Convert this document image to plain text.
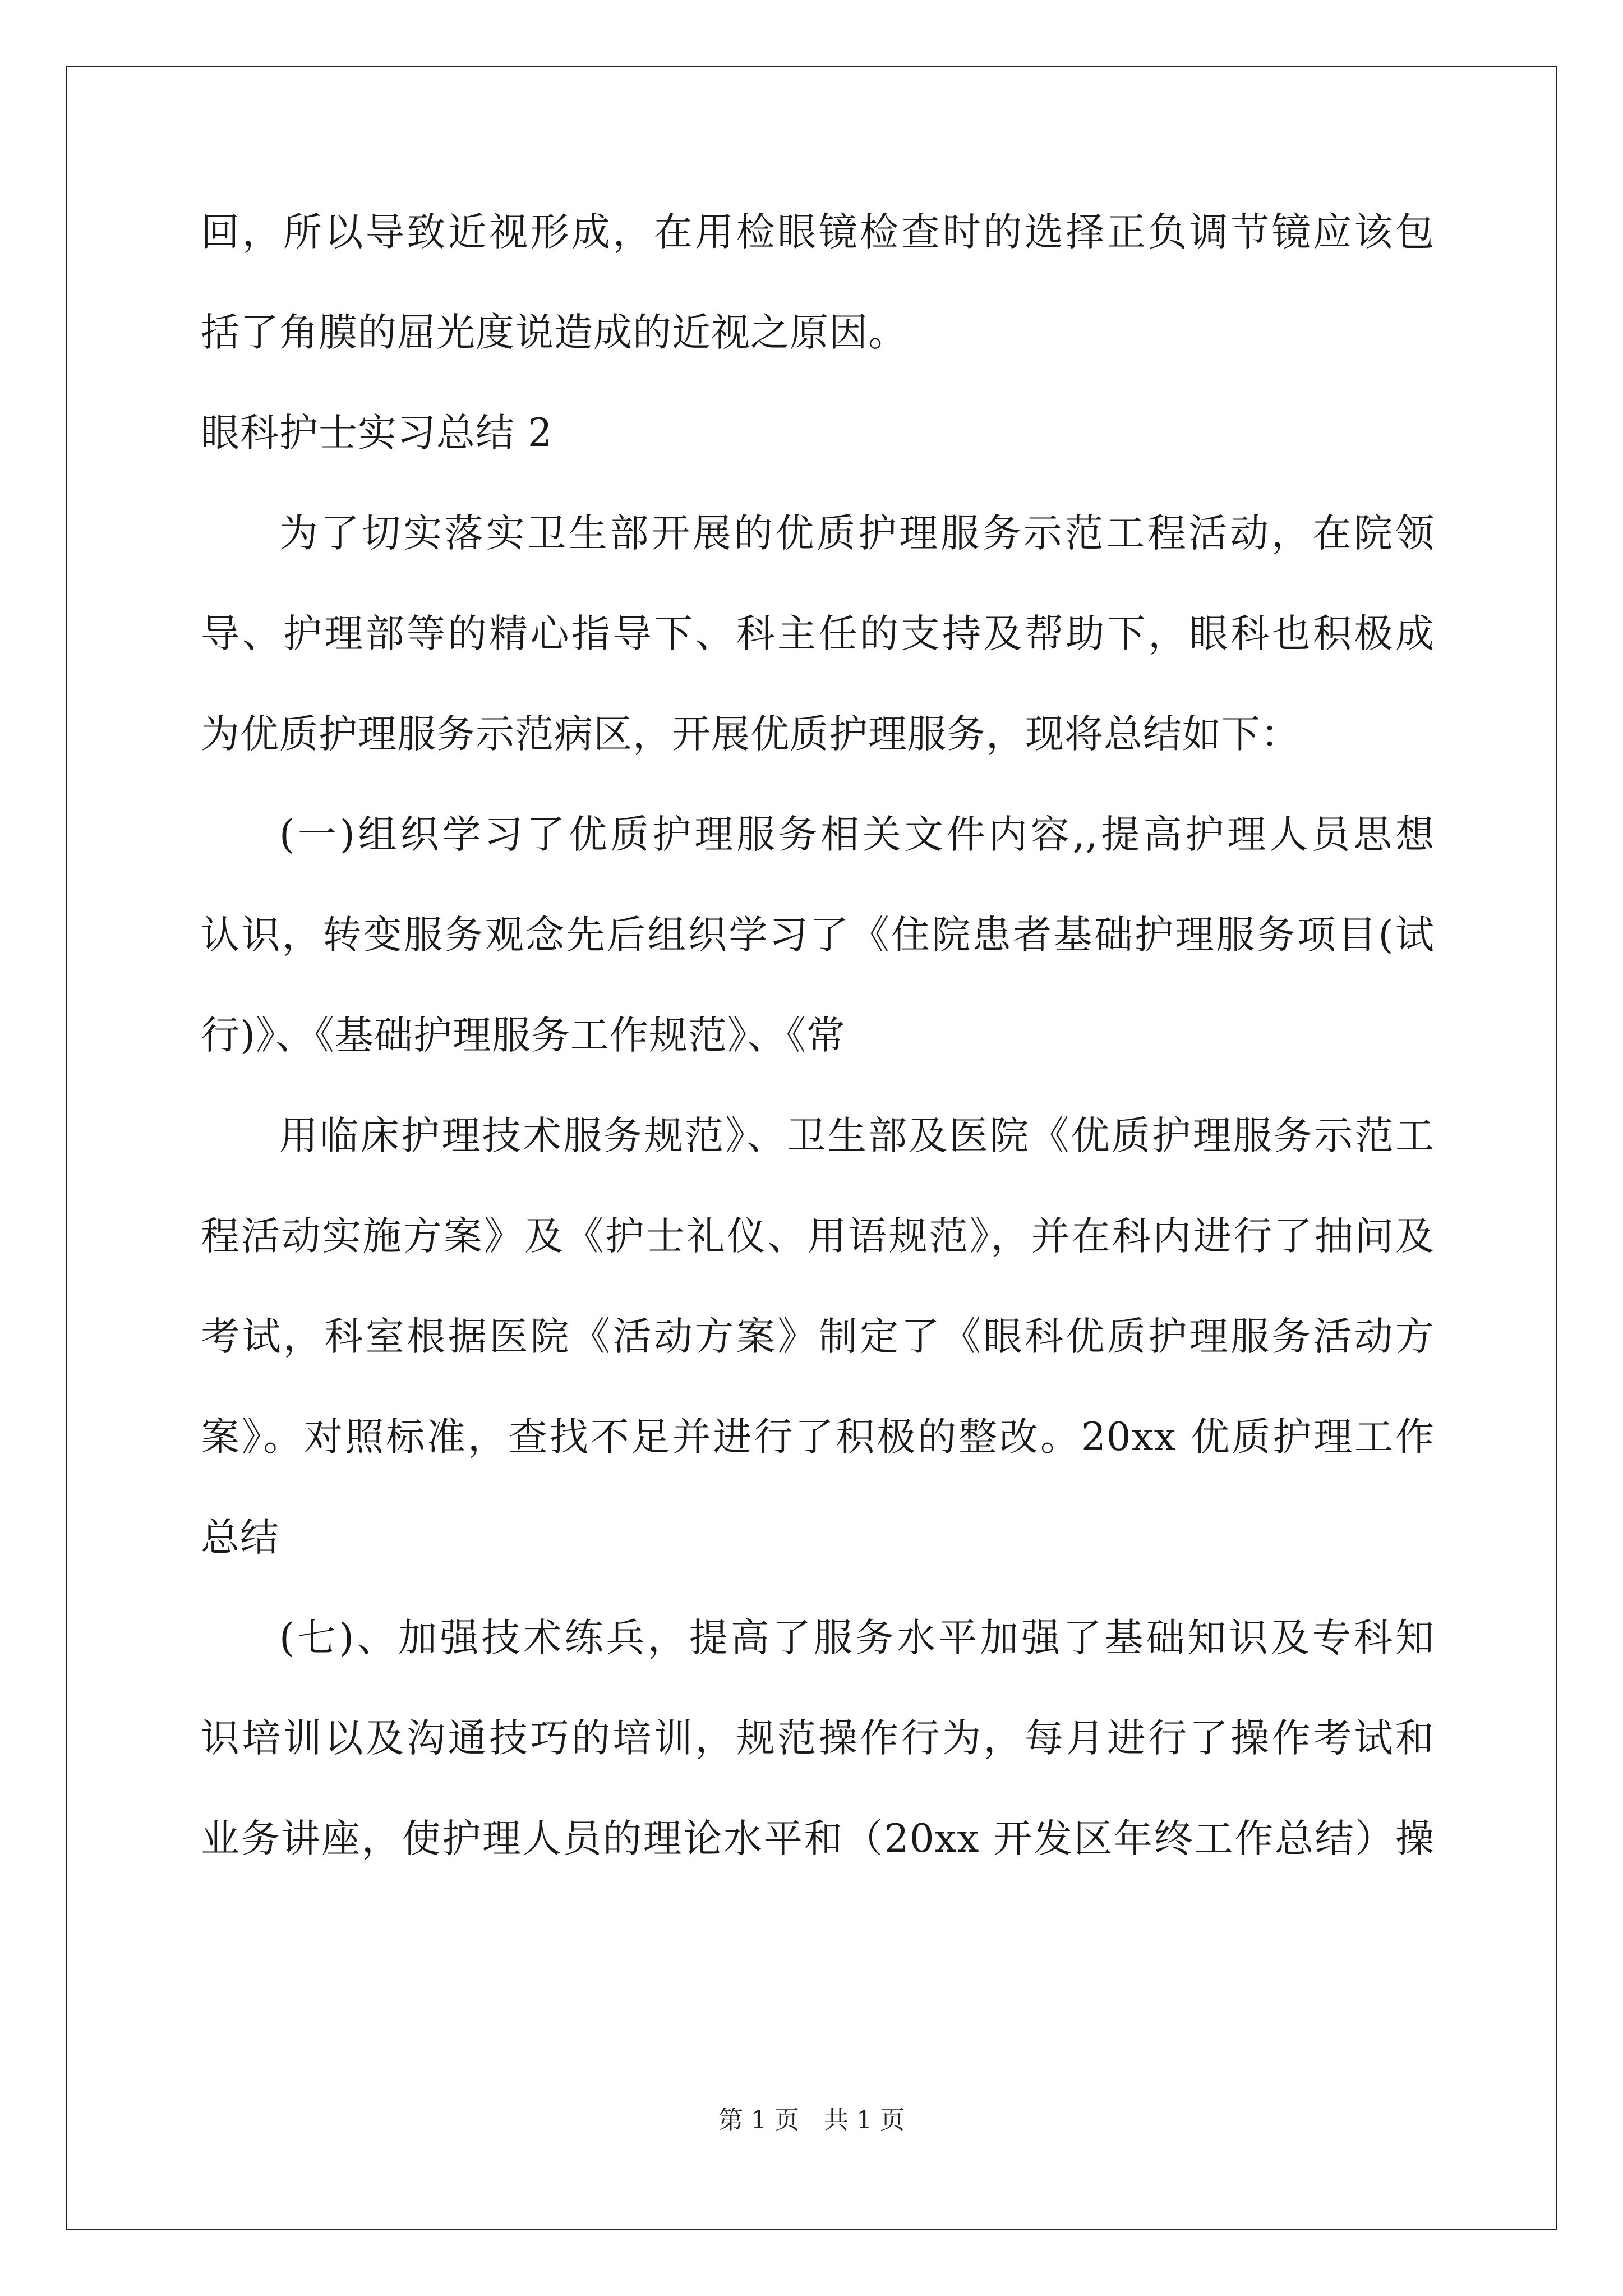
回，所以导致近视形成，在用检眼镜检查时的选择正负调节镜应该包
括了角膜的屈光度说造成的近视之原因。
眼科护士实习总结 2
为了切实落实卫生部开展的优质护理服务示范工程活动，在院领
导、护理部等的精心指导下、科主任的支持及帮助下，眼科也积极成
为优质护理服务示范病区，开展优质护理服务，现将总结如下：
(一)组织学习了优质护理服务相关文件内容,,提高护理人员思想
认识，转变服务观念先后组织学习了《住院患者基础护理服务项目(试
行)》、《基础护理服务工作规范》、《常
用临床护理技术服务规范》、卫生部及医院《优质护理服务示范工
程活动实施方案》及《护士礼仪、用语规范》，并在科内进行了抽问及
考试，科室根据医院《活动方案》制定了《眼科优质护理服务活动方
案》。对照标准，查找不足并进行了积极的整改。20xx 优质护理工作
总结
(七)、加强技术练兵，提高了服务水平加强了基础知识及专科知
识培训以及沟通技巧的培训，规范操作行为，每月进行了操作考试和
业务讲座，使护理人员的理论水平和（20xx 开发区年终工作总结）操
第 1 页　共 1 页
